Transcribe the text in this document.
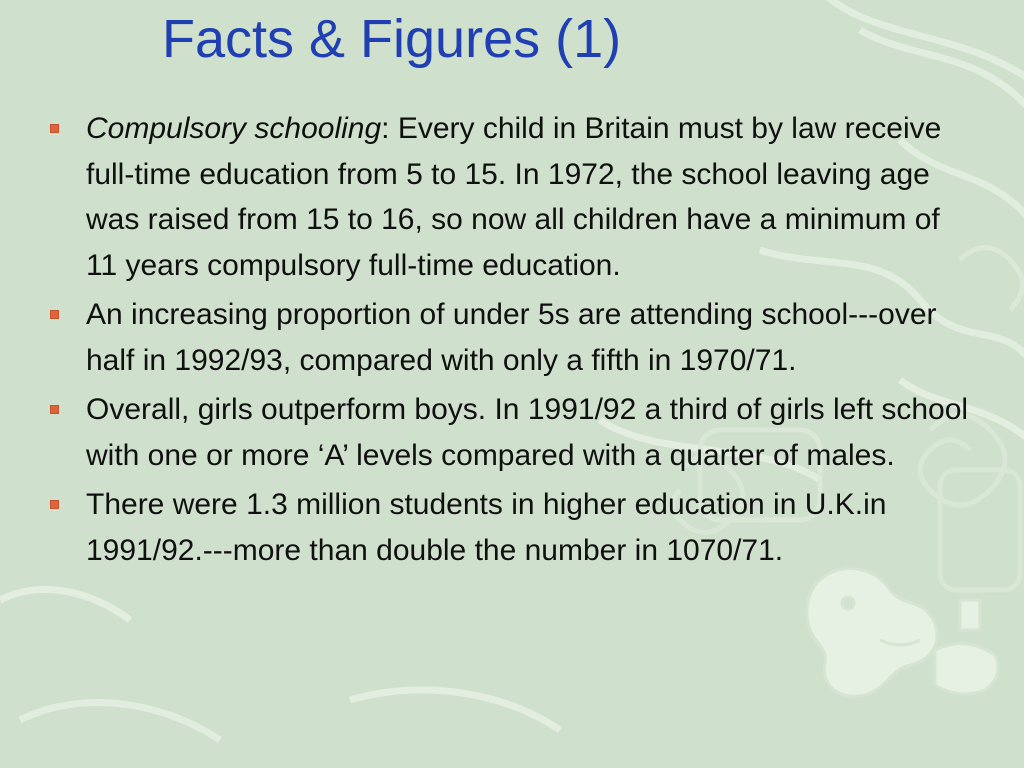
Facts & Figures (1)
Compulsory schooling: Every child in Britain must by law receive full-time education from 5 to 15. In 1972, the school leaving age was raised from 15 to 16, so now all children have a minimum of 11 years compulsory full-time education.
An increasing proportion of under 5s are attending school---over half in 1992/93, compared with only a fifth in 1970/71.
Overall, girls outperform boys. In 1991/92 a third of girls left school with one or more ‘A’ levels compared with a quarter of males.
There were 1.3 million students in higher education in U.K.in 1991/92.---more than double the number in 1070/71.
